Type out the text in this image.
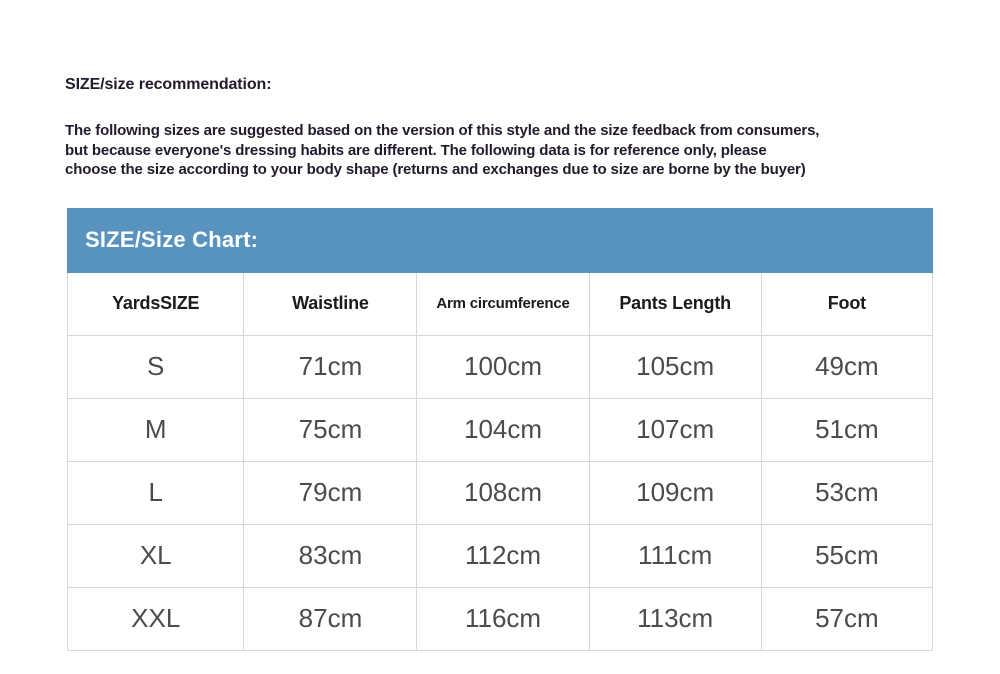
SIZE/size recommendation:
The following sizes are suggested based on the version of this style and the size feedback from consumers,
but because everyone's dressing habits are different. The following data is for reference only, please
choose the size according to your body shape (returns and exchanges due to size are borne by the buyer)
SIZE/Size Chart:
YardsSIZE	Waistline	Arm circumference	Pants Length	Foot
S	71cm	100cm	105cm	49cm
M	75cm	104cm	107cm	51cm
L	79cm	108cm	109cm	53cm
XL	83cm	112cm	111cm	55cm
XXL	87cm	116cm	113cm	57cm
